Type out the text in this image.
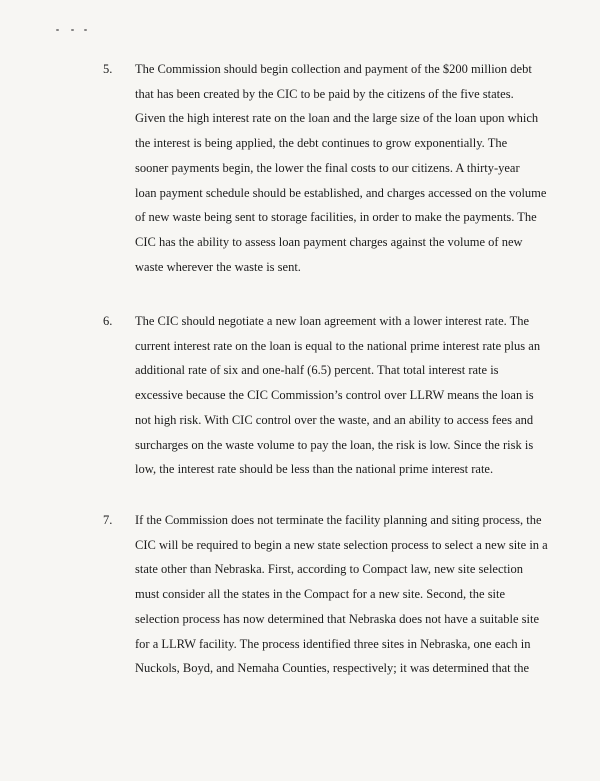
5. The Commission should begin collection and payment of the $200 million debt
that has been created by the CIC to be paid by the citizens of the five states.
Given the high interest rate on the loan and the large size of the loan upon which
the interest is being applied, the debt continues to grow exponentially. The
sooner payments begin, the lower the final costs to our citizens. A thirty-year
loan payment schedule should be established, and charges accessed on the volume
of new waste being sent to storage facilities, in order to make the payments. The
CIC has the ability to assess loan payment charges against the volume of new
waste wherever the waste is sent.
6. The CIC should negotiate a new loan agreement with a lower interest rate. The
current interest rate on the loan is equal to the national prime interest rate plus an
additional rate of six and one-half (6.5) percent. That total interest rate is
excessive because the CIC Commission’s control over LLRW means the loan is
not high risk. With CIC control over the waste, and an ability to access fees and
surcharges on the waste volume to pay the loan, the risk is low. Since the risk is
low, the interest rate should be less than the national prime interest rate.
7. If the Commission does not terminate the facility planning and siting process, the
CIC will be required to begin a new state selection process to select a new site in a
state other than Nebraska. First, according to Compact law, new site selection
must consider all the states in the Compact for a new site. Second, the site
selection process has now determined that Nebraska does not have a suitable site
for a LLRW facility. The process identified three sites in Nebraska, one each in
Nuckols, Boyd, and Nemaha Counties, respectively; it was determined that the
